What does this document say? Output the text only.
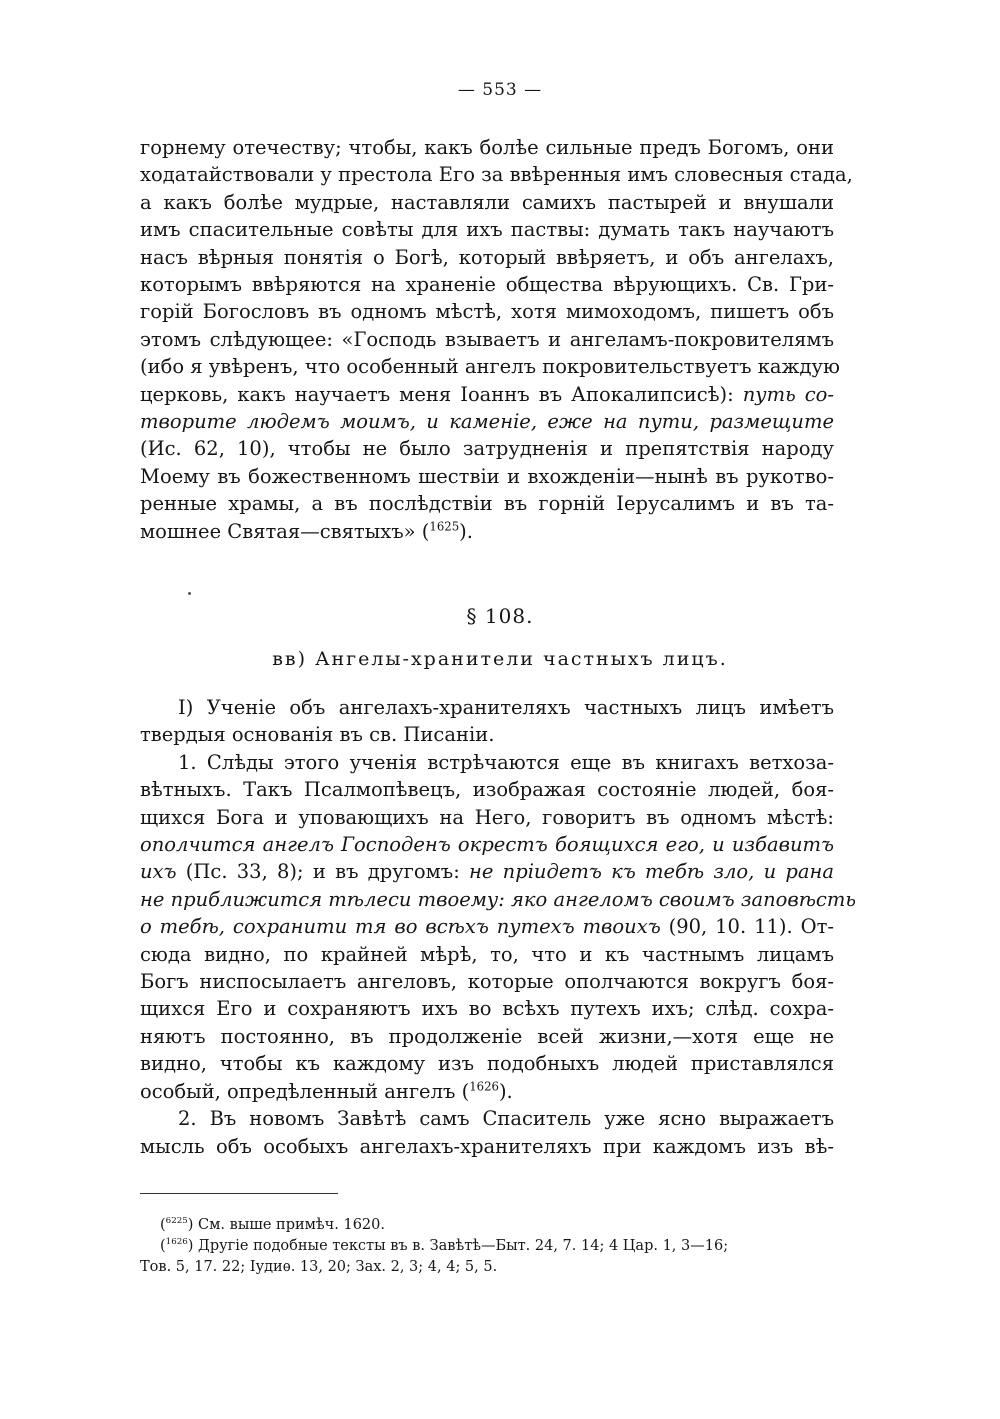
— 553 —
горнему отечеству; чтобы, какъ болѣе сильные предъ Богомъ, они
ходатайствовали у престола Его за ввѣренныя имъ словесныя стада,
а какъ болѣе мудрые, наставляли самихъ пастырей и внушали
имъ спасительные совѣты для ихъ паствы: думать такъ научаютъ
насъ вѣрныя понятія о Богѣ, который ввѣряетъ, и объ ангелахъ,
которымъ ввѣряются на храненіе общества вѣрующихъ. Св. Гри-
горій Богословъ въ одномъ мѣстѣ, хотя мимоходомъ, пишетъ объ
этомъ слѣдующее: «Господь взываетъ и ангеламъ-покровителямъ
(ибо я увѣренъ, что особенный ангелъ покровительствуетъ каждую
церковь, какъ научаетъ меня Іоаннъ въ Апокалипсисѣ): путь со-
творите людемъ моимъ, и каменіе, еже на пути, размещите
(Ис. 62, 10), чтобы не было затрудненія и препятствія народу
Моему въ божественномъ шествіи и вхожденіи—нынѣ въ рукотво-
ренные храмы, а въ послѣдствіи въ горній Іерусалимъ и въ та-
мошнее Святая—святыхъ» ($^{1625}$).
§ 108.
вв) Ангелы-хранители частныхъ лицъ.
I) Ученіе объ ангелахъ-хранителяхъ частныхъ лицъ имѣетъ
твердыя основанія въ св. Писаніи.
1. Слѣды этого ученія встрѣчаются еще въ книгахъ ветхоза-
вѣтныхъ. Такъ Псалмопѣвецъ, изображая состояніе людей, боя-
щихся Бога и уповающихъ на Него, говоритъ въ одномъ мѣстѣ:
ополчится ангелъ Господенъ окрестъ боящихся его, и избавитъ
ихъ (Пс. 33, 8); и въ другомъ: не пріидетъ къ тебѣ зло, и рана
не приближится тѣлеси твоему: яко ангеломъ своимъ заповѣсть
о тебѣ, сохранити тя во всѣхъ путехъ твоихъ (90, 10. 11). От-
сюда видно, по крайней мѣрѣ, то, что и къ частнымъ лицамъ
Богъ ниспосылаетъ ангеловъ, которые ополчаются вокругъ боя-
щихся Его и сохраняютъ ихъ во всѣхъ путехъ ихъ; слѣд. сохра-
няютъ постоянно, въ продолженіе всей жизни,—хотя еще не
видно, чтобы къ каждому изъ подобныхъ людей приставлялся
особый, опредѣленный ангелъ ($^{1626}$).
2. Въ новомъ Завѣтѣ самъ Спаситель уже ясно выражаетъ
мысль объ особыхъ ангелахъ-хранителяхъ при каждомъ изъ вѣ-
($^{6225}$) См. выше примѣч. 1620.
($^{1626}$) Другіе подобные тексты въ в. Завѣтѣ—Быт. 24, 7. 14; 4 Цар. 1, 3—16;
Тов. 5, 17. 22; Іудиѳ. 13, 20; Зах. 2, 3; 4, 4; 5, 5.
